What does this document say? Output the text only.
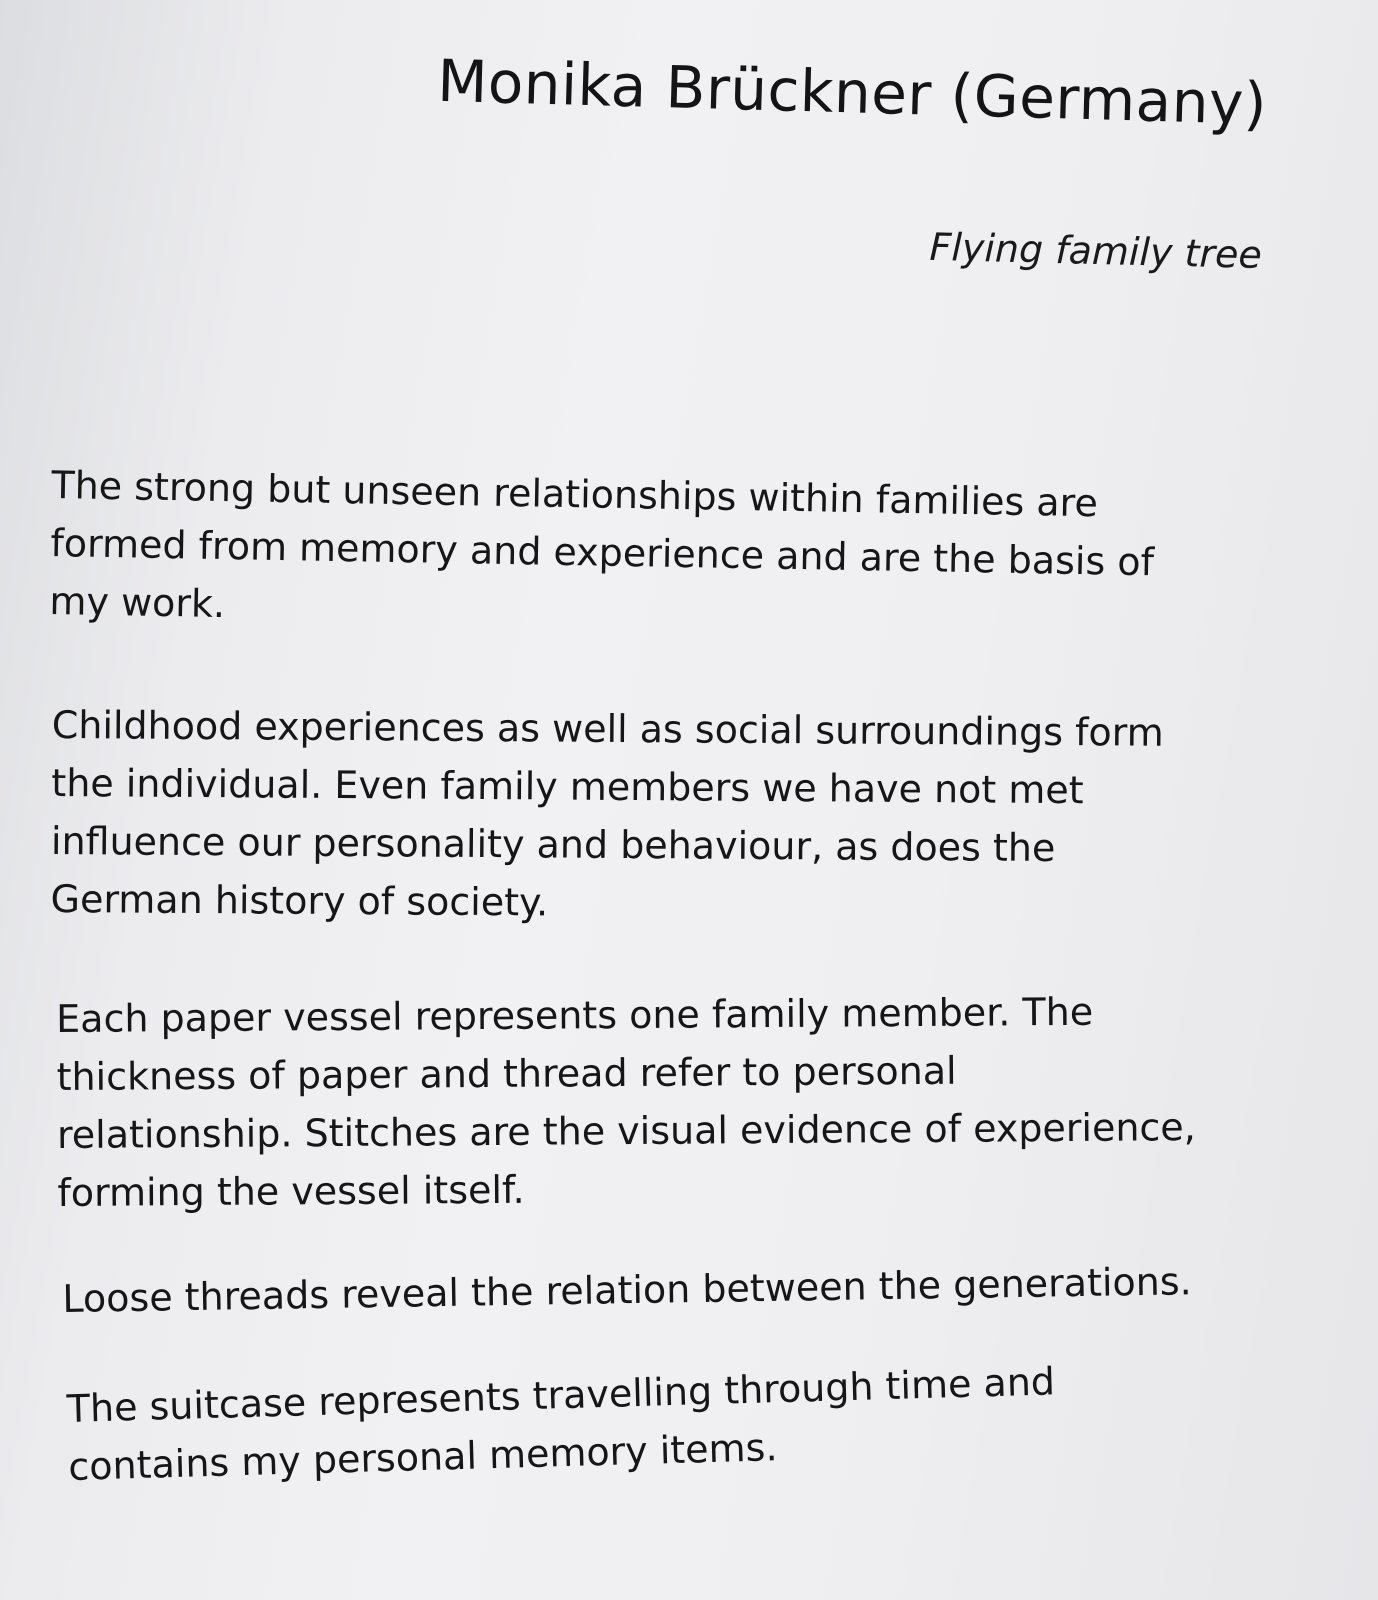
Monika Brückner (Germany)
Flying family tree
The strong but unseen relationships within families are
formed from memory and experience and are the basis of
my work.
Childhood experiences as well as social surroundings form
the individual. Even family members we have not met
influence our personality and behaviour, as does the
German history of society.
Each paper vessel represents one family member. The
thickness of paper and thread refer to personal
relationship. Stitches are the visual evidence of experience,
forming the vessel itself.
Loose threads reveal the relation between the generations.
The suitcase represents travelling through time and
contains my personal memory items.
